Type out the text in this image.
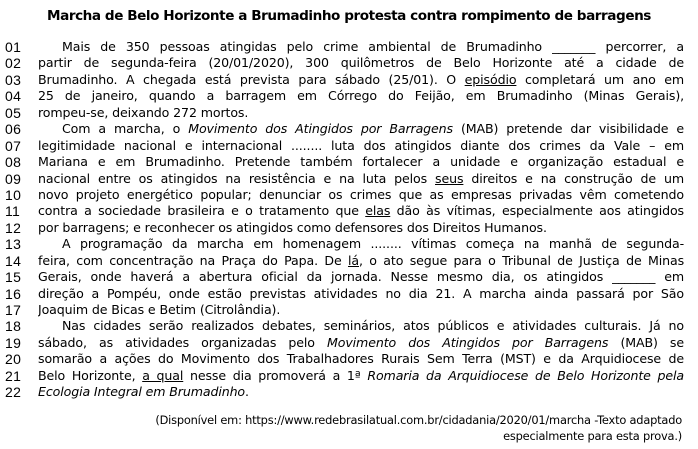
Marcha de Belo Horizonte a Brumadinho protesta contra rompimento de barragens
01	Mais de 350 pessoas atingidas pelo crime ambiental de Brumadinho _______ percorrer, a
02	partir de segunda-feira (20/01/2020), 300 quilômetros de Belo Horizonte até a cidade de
03	Brumadinho. A chegada está prevista para sábado (25/01). O episódio completará um ano em
04	25 de janeiro, quando a barragem em Córrego do Feijão, em Brumadinho (Minas Gerais),
05	rompeu-se, deixando 272 mortos.
06	Com a marcha, o Movimento dos Atingidos por Barragens (MAB) pretende dar visibilidade e
07	legitimidade nacional e internacional ........ luta dos atingidos diante dos crimes da Vale – em
08	Mariana e em Brumadinho. Pretende também fortalecer a unidade e organização estadual e
09	nacional entre os atingidos na resistência e na luta pelos seus direitos e na construção de um
10	novo projeto energético popular; denunciar os crimes que as empresas privadas vêm cometendo
11	contra a sociedade brasileira e o tratamento que elas dão às vítimas, especialmente aos atingidos
12	por barragens; e reconhecer os atingidos como defensores dos Direitos Humanos.
13	A programação da marcha em homenagem ........ vítimas começa na manhã de segunda-
14	feira, com concentração na Praça do Papa. De lá, o ato segue para o Tribunal de Justiça de Minas
15	Gerais, onde haverá a abertura oficial da jornada. Nesse mesmo dia, os atingidos _______ em
16	direção a Pompéu, onde estão previstas atividades no dia 21. A marcha ainda passará por São
17	Joaquim de Bicas e Betim (Citrolândia).
18	Nas cidades serão realizados debates, seminários, atos públicos e atividades culturais. Já no
19	sábado, as atividades organizadas pelo Movimento dos Atingidos por Barragens (MAB) se
20	somarão a ações do Movimento dos Trabalhadores Rurais Sem Terra (MST) e da Arquidiocese de
21	Belo Horizonte, a qual nesse dia promoverá a 1ª Romaria da Arquidiocese de Belo Horizonte pela
22	Ecologia Integral em Brumadinho.
(Disponível em: https://www.redebrasilatual.com.br/cidadania/2020/01/marcha -Texto adaptado
especialmente para esta prova.)
